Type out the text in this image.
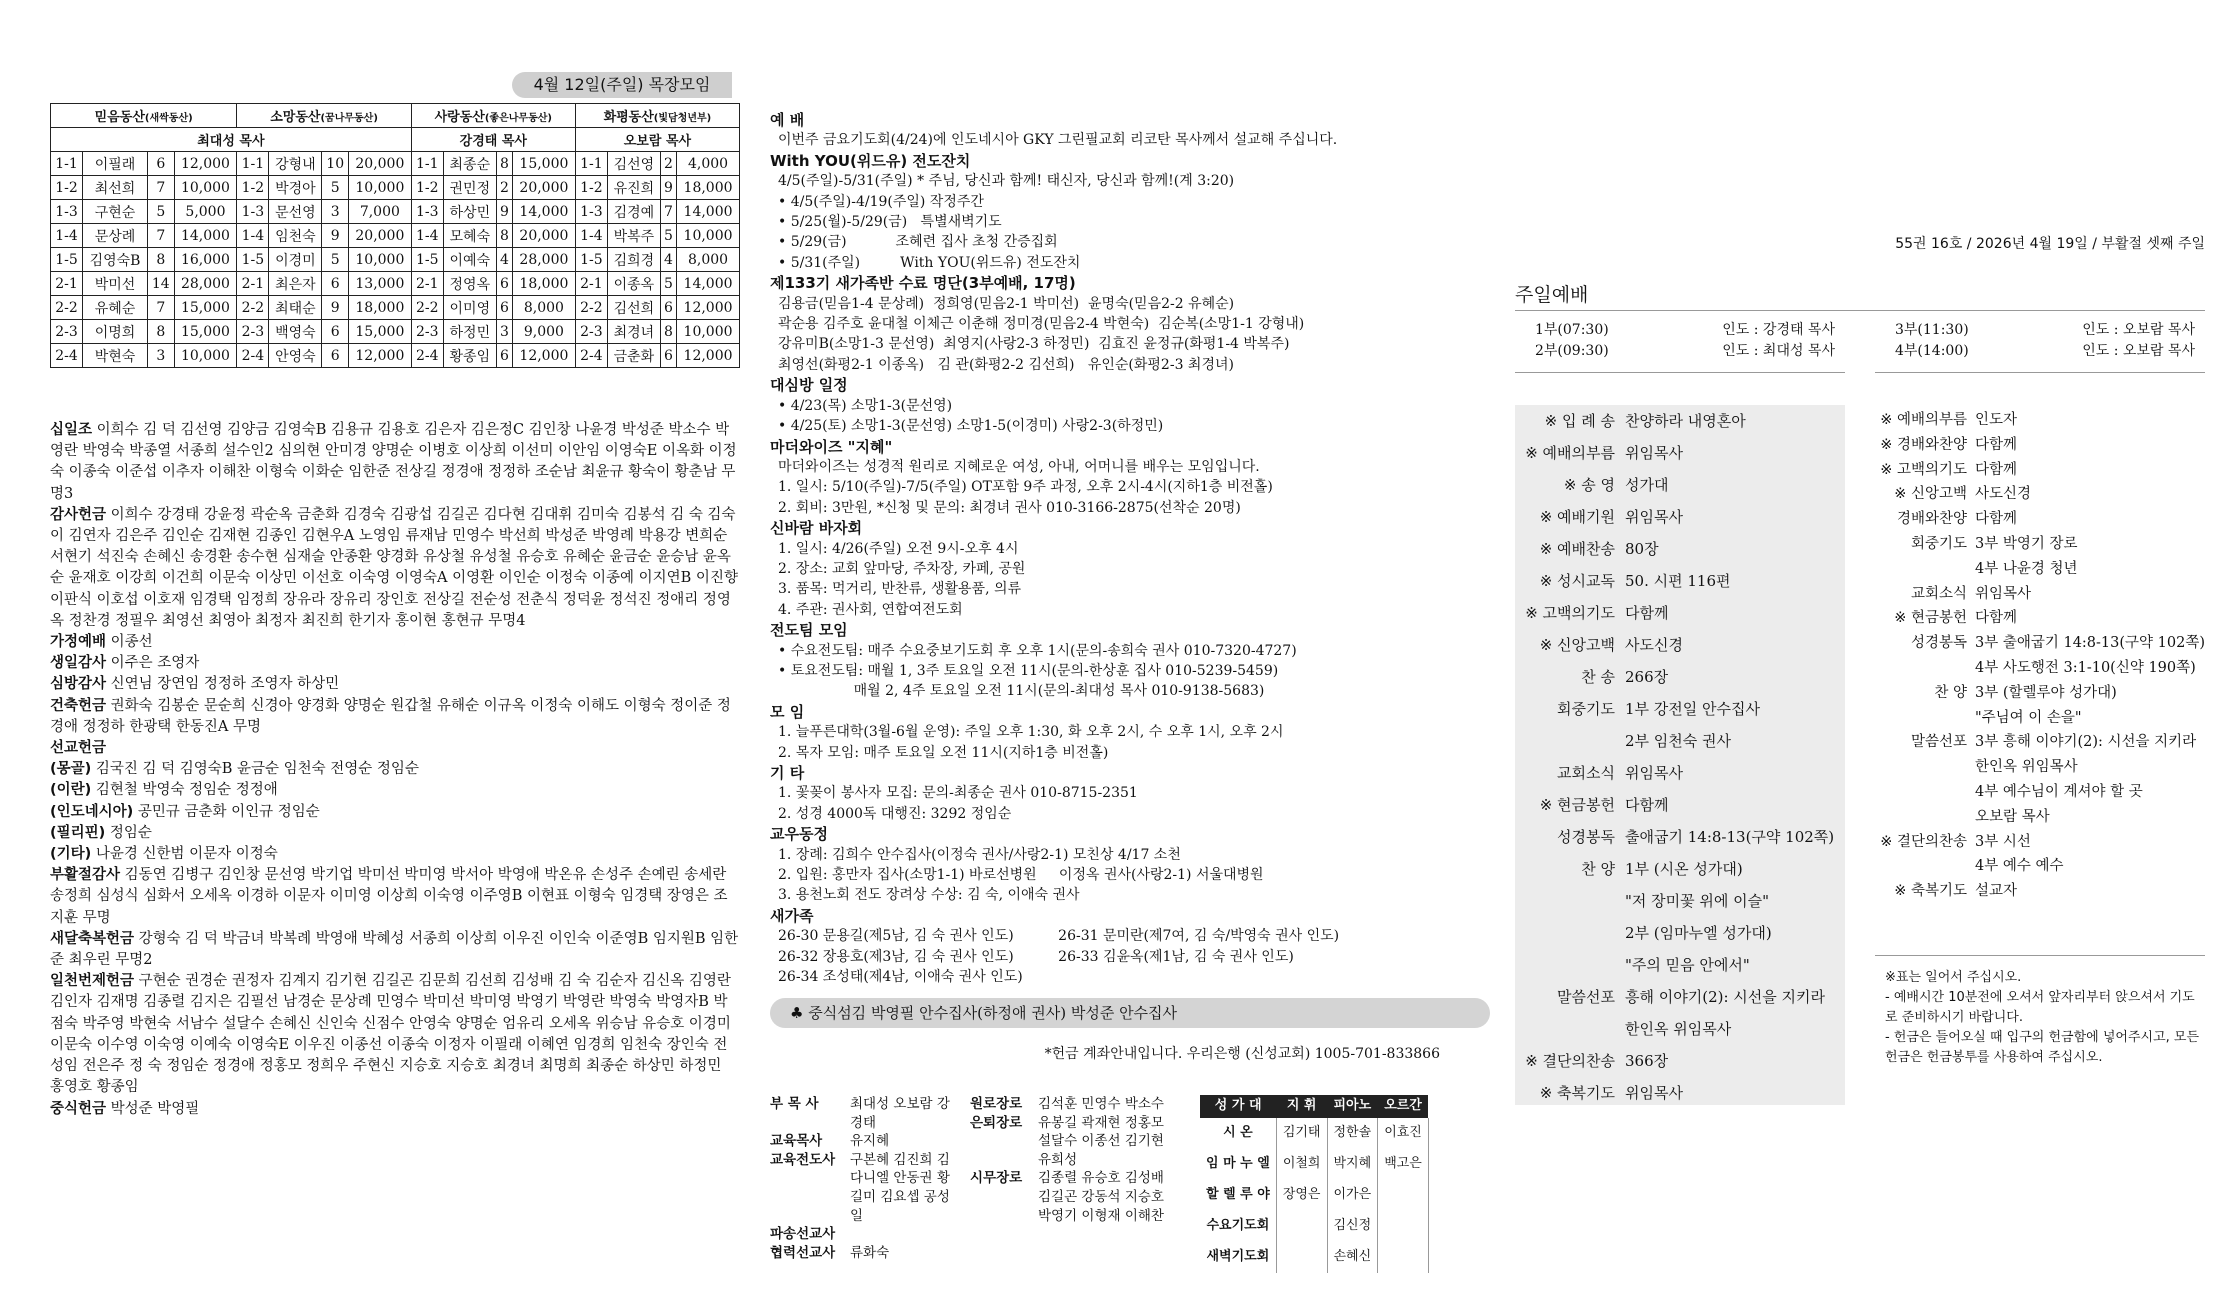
4월 12일(주일) 목장모임
믿음동산(새싹동산)				소망동산(꿈나무동산)				사랑동산(좋은나무동산)				화평동산(빛담청년부)			
최대성 목사								강경태 목사				오보람 목사			
1-1	이필래	6	12,000	1-1	강형내	10	20,000	1-1	최종순	8	15,000	1-1	김선영	2	4,000
1-2	최선희	7	10,000	1-2	박경아	5	10,000	1-2	권민정	2	20,000	1-2	유진희	9	18,000
1-3	구현순	5	5,000	1-3	문선영	3	7,000	1-3	하상민	9	14,000	1-3	김경예	7	14,000
1-4	문상례	7	14,000	1-4	임천숙	9	20,000	1-4	모혜숙	8	20,000	1-4	박복주	5	10,000
1-5	김영숙B	8	16,000	1-5	이경미	5	10,000	1-5	이예숙	4	28,000	1-5	김희경	4	8,000
2-1	박미선	14	28,000	2-1	최은자	6	13,000	2-1	정영옥	6	18,000	2-1	이종옥	5	14,000
2-2	유혜순	7	15,000	2-2	최태순	9	18,000	2-2	이미영	6	8,000	2-2	김선희	6	12,000
2-3	이명희	8	15,000	2-3	백영숙	6	15,000	2-3	하정민	3	9,000	2-3	최경녀	8	10,000
2-4	박현숙	3	10,000	2-4	안영숙	6	12,000	2-4	황종임	6	12,000	2-4	금춘화	6	12,000
십일조 이희수 김 덕 김선영 김양금 김영숙B 김용규 김용호 김은자 김은정C 김인창 나윤경 박성준 박소수 박영란 박영숙 박종열 서종희 설수인2 심의현 안미경 양명순 이병호 이상희 이선미 이안임 이영숙E 이옥화 이정숙 이종숙 이준섭 이추자 이해찬 이형숙 이화순 임한준 전상길 정경애 정정하 조순남 최윤규 황숙이 황춘남 무명3
감사헌금 이희수 강경태 강윤정 곽순옥 금춘화 김경숙 김광섭 김길곤 김다현 김대휘 김미숙 김봉석 김 숙 김숙이 김연자 김은주 김인순 김재현 김종인 김현우A 노영임 류재남 민영수 박선희 박성준 박영례 박용강 변희순 서현기 석진숙 손혜신 송경환 송수현 심재술 안종환 양경화 유상철 유성철 유승호 유혜순 윤금순 윤승남 윤옥순 윤재호 이강희 이건희 이문숙 이상민 이선호 이숙영 이영숙A 이영환 이인순 이정숙 이종예 이지연B 이진향 이판식 이호섭 이호재 임경택 임정희 장유라 장유리 장인호 전상길 전순성 전춘식 정덕윤 정석진 정애리 정영옥 정찬경 정필우 최영선 최영아 최정자 최진희 한기자 홍이현 홍현규 무명4
가정예배 이종선
생일감사 이주은 조영자
심방감사 신연님 장연임 정정하 조영자 하상민
건축헌금 권화숙 김봉순 문순희 신경아 양경화 양명순 원갑철 유해순 이규옥 이정숙 이해도 이형숙 정이준 정경애 정정하 한광택 한동진A 무명
선교헌금
(몽골) 김국진 김 덕 김영숙B 윤금순 임천숙 전영순 정임순
(이란) 김현철 박영숙 정임순 정정애
(인도네시아) 공민규 금춘화 이인규 정임순
(필리핀) 정임순
(기타) 나윤경 신한범 이문자 이정숙
부활절감사 김동연 김병구 김인창 문선영 박기업 박미선 박미영 박서아 박영애 박온유 손성주 손예린 송세란 송정희 심성식 심화서 오세옥 이경하 이문자 이미영 이상희 이숙영 이주영B 이현표 이형숙 임경택 장영은 조지훈 무명
새달축복헌금 강형숙 김 덕 박금녀 박복례 박영애 박혜성 서종희 이상희 이우진 이인숙 이준영B 임지원B 임한준 최우린 무명2
일천번제헌금 구현순 권경순 권정자 김계지 김기현 김길곤 김문희 김선희 김성배 김 숙 김순자 김신옥 김영란 김인자 김재명 김종렬 김지은 김필선 남경순 문상례 민영수 박미선 박미영 박영기 박영란 박영숙 박영자B 박점숙 박주영 박현숙 서남수 설달수 손혜신 신인숙 신점수 안영숙 양명순 엄유리 오세옥 위승남 유승호 이경미 이문숙 이수영 이숙영 이예숙 이영숙E 이우진 이종선 이종숙 이정자 이필래 이혜연 임경희 임천숙 장인숙 전성임 전은주 정 숙 정임순 정경애 정홍모 정희우 주현신 지승호 지승호 최경녀 최명희 최종순 하상민 하정민 홍영호 황종임
중식헌금 박성준 박영필
예 배
이번주 금요기도회(4/24)에 인도네시아 GKY 그린필교회 리코탄 목사께서 설교해 주십니다.
With YOU(위드유) 전도잔치
4/5(주일)-5/31(주일) * 주님, 당신과 함께! 태신자, 당신과 함께!(계 3:20)
• 4/5(주일)-4/19(주일) 작정주간
• 5/25(월)-5/29(금)   특별새벽기도
• 5/29(금)           조혜련 집사 초청 간증집회
• 5/31(주일)         With YOU(위드유) 전도잔치
제133기 새가족반 수료 명단(3부예배, 17명)
김용금(믿음1-4 문상례)  정희영(믿음2-1 박미선)  윤명숙(믿음2-2 유혜순)
곽순용 김주호 윤대철 이체근 이춘해 정미경(믿음2-4 박현숙)  김순복(소망1-1 강형내)
강유미B(소망1-3 문선영)  최영지(사랑2-3 하정민)  김효진 윤정규(화평1-4 박복주)
최영선(화평2-1 이종옥)   김 관(화평2-2 김선희)   유인순(화평2-3 최경녀)
대심방 일정
• 4/23(목) 소망1-3(문선영)
• 4/25(토) 소망1-3(문선영) 소망1-5(이경미) 사랑2-3(하정민)
마더와이즈 "지혜"
마더와이즈는 성경적 원리로 지혜로운 여성, 아내, 어머니를 배우는 모임입니다.
1. 일시: 5/10(주일)-7/5(주일) OT포함 9주 과정, 오후 2시-4시(지하1층 비전홀)
2. 회비: 3만원, *신청 및 문의: 최경녀 권사 010-3166-2875(선착순 20명)
신바람 바자회
1. 일시: 4/26(주일) 오전 9시-오후 4시
2. 장소: 교회 앞마당, 주차장, 카페, 공원
3. 품목: 먹거리, 반찬류, 생활용품, 의류
4. 주관: 권사회, 연합여전도회
전도팀 모임
• 수요전도팀: 매주 수요중보기도회 후 오후 1시(문의-송희숙 권사 010-7320-4727)
• 토요전도팀: 매월 1, 3주 토요일 오전 11시(문의-한상훈 집사 010-5239-5459)
매월 2, 4주 토요일 오전 11시(문의-최대성 목사 010-9138-5683)
모 임
1. 늘푸른대학(3월-6월 운영): 주일 오후 1:30, 화 오후 2시, 수 오후 1시, 오후 2시
2. 목자 모임: 매주 토요일 오전 11시(지하1층 비전홀)
기 타
1. 꽃꽂이 봉사자 모집: 문의-최종순 권사 010-8715-2351
2. 성경 4000독 대행진: 3292 정임순
교우동정
1. 장례: 김희수 안수집사(이정숙 권사/사랑2-1) 모친상 4/17 소천
2. 입원: 홍만자 집사(소망1-1) 바로선병원     이정옥 권사(사랑2-1) 서울대병원
3. 용천노회 전도 장려상 수상: 김 숙, 이애숙 권사
새가족
26-30 문용길(제5남, 김 숙 권사 인도)          26-31 문미란(제7여, 김 숙/박영숙 권사 인도)
26-32 장용호(제3남, 김 숙 권사 인도)          26-33 김윤옥(제1남, 김 숙 권사 인도)
26-34 조성태(제4남, 이애숙 권사 인도)
♣ 중식섬김 박영필 안수집사(하정애 권사) 박성준 안수집사
*헌금 계좌안내입니다. 우리은행 (신성교회) 1005-701-833866
부 목 사	최대성 오보람 강경태
교육목사	유지혜
교육전도사	구본혜 김진희 김다니엘 안동권 황길미 김요셉 공성일
파송선교사
협력선교사	류화숙
원로장로	김석훈 민영수 박소수
은퇴장로	유봉길 곽재현 정홍모 설달수 이종선 김기현 유희성
시무장로	김종렬 유승호 김성배 김길곤 강동석 지승호 박영기 이형재 이해찬
성 가 대	지 휘	피아노	오르간
시 온	김기태	정한솔	이효진
임 마 누 엘	이철희	박지혜	백고은
할 렐 루 야	장영은	이가은	
수요기도회		김신정	
새벽기도회		손혜신	
55권 16호 / 2026년 4월 19일 / 부활절 셋째 주일
주일예배
1부(07:30)	인도 : 강경태 목사
2부(09:30)	인도 : 최대성 목사
3부(11:30)	인도 : 오보람 목사
4부(14:00)	인도 : 오보람 목사
※ 입 례 송 찬양하라 내영혼아
※ 예배의부름 위임목사
※ 송 영 성가대
※ 예배기원 위임목사
※ 예배찬송 80장
※ 성시교독 50. 시편 116편
※ 고백의기도 다함께
※ 신앙고백 사도신경
찬 송 266장
회중기도 1부 강전일 안수집사
2부 임천숙 권사
교회소식 위임목사
※ 현금봉헌 다함께
성경봉독 출애굽기 14:8-13(구약 102쪽)
찬 양 1부 (시온 성가대)
"저 장미꽃 위에 이슬"
2부 (임마누엘 성가대)
"주의 믿음 안에서"
말씀선포 흥해 이야기(2): 시선을 지키라
한인옥 위임목사
※ 결단의찬송 366장
※ 축복기도 위임목사
※ 예배의부름 인도자
※ 경배와찬양 다함께
※ 고백의기도 다함께
※ 신앙고백 사도신경
경배와찬양 다함께
회중기도 3부 박영기 장로
4부 나윤경 청년
교회소식 위임목사
※ 현금봉헌 다함께
성경봉독 3부 출애굽기 14:8-13(구약 102쪽)
4부 사도행전 3:1-10(신약 190쪽)
찬 양 3부 (할렐루야 성가대)
"주님여 이 손을"
말씀선포 3부 흥해 이야기(2): 시선을 지키라
한인옥 위임목사
4부 예수님이 계셔야 할 곳
오보람 목사
※ 결단의찬송 3부 시선
4부 예수 예수
※ 축복기도 설교자
※표는 일어서 주십시오.
- 예배시간 10분전에 오셔서 앞자리부터 앉으셔서 기도로 준비하시기 바랍니다.
- 헌금은 들어오실 때 입구의 헌금함에 넣어주시고, 모든 헌금은 헌금봉투를 사용하여 주십시오.
